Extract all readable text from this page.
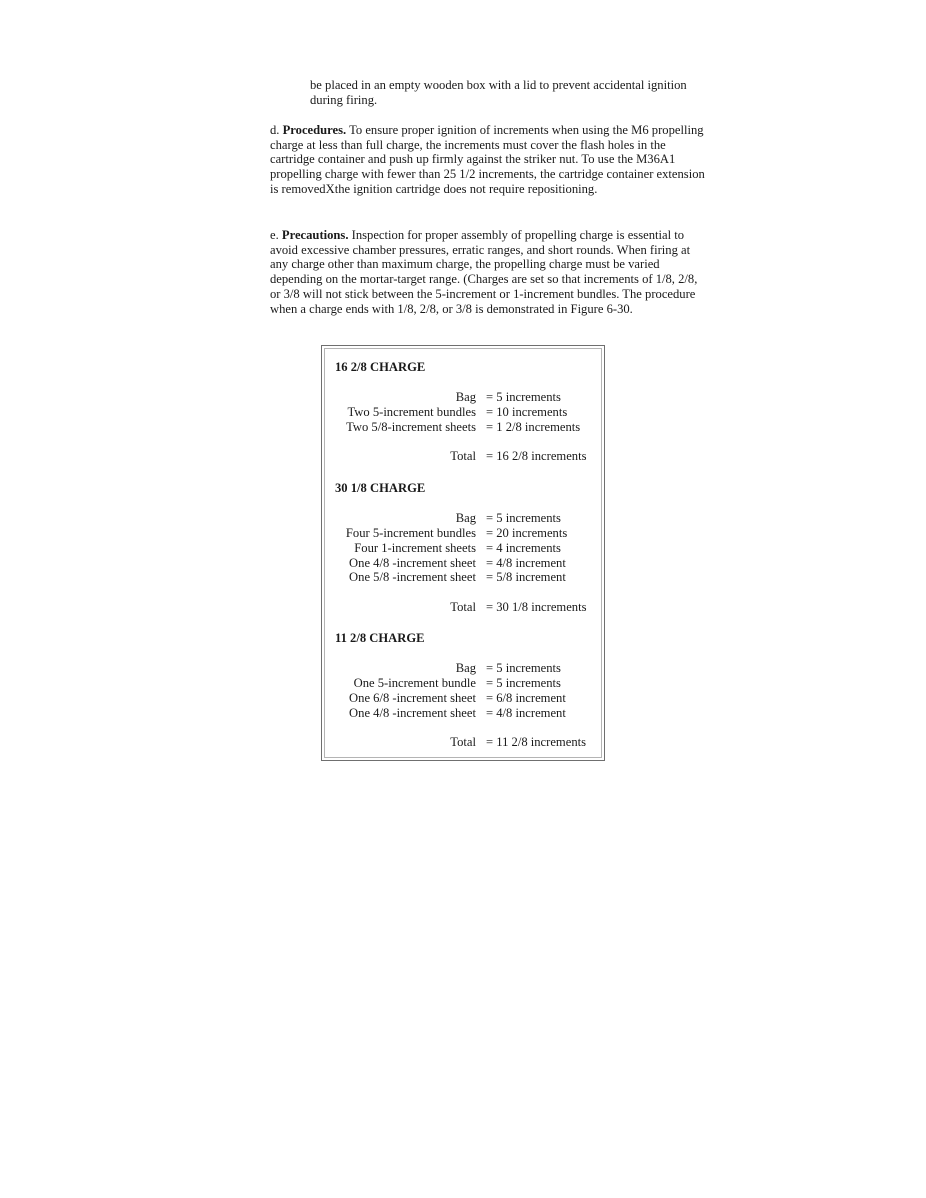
be placed in an empty wooden box with a lid to prevent accidental ignition during firing.
d. Procedures. To ensure proper ignition of increments when using the M6 propelling charge at less than full charge, the increments must cover the flash holes in the cartridge container and push up firmly against the striker nut. To use the M36A1 propelling charge with fewer than 25 1/2 increments, the cartridge container extension is removedXthe ignition cartridge does not require repositioning.
e. Precautions. Inspection for proper assembly of propelling charge is essential to avoid excessive chamber pressures, erratic ranges, and short rounds. When firing at any charge other than maximum charge, the propelling charge must be varied depending on the mortar-target range. (Charges are set so that increments of 1/8, 2/8, or 3/8 will not stick between the 5-increment or 1-increment bundles. The procedure when a charge ends with 1/8, 2/8, or 3/8 is demonstrated in Figure 6-30.
16 2/8 CHARGE
Bag = 5 increments
Two 5-increment bundles = 10 increments
Two 5/8-increment sheets = 1 2/8 increments
Total = 16 2/8 increments
30 1/8 CHARGE
Bag = 5 increments
Four 5-increment bundles = 20 increments
Four 1-increment sheets = 4 increments
One 4/8 -increment sheet = 4/8 increment
One 5/8 -increment sheet = 5/8 increment
Total = 30 1/8 increments
11 2/8 CHARGE
Bag = 5 increments
One 5-increment bundle = 5 increments
One 6/8 -increment sheet = 6/8 increment
One 4/8 -increment sheet = 4/8 increment
Total = 11 2/8 increments
